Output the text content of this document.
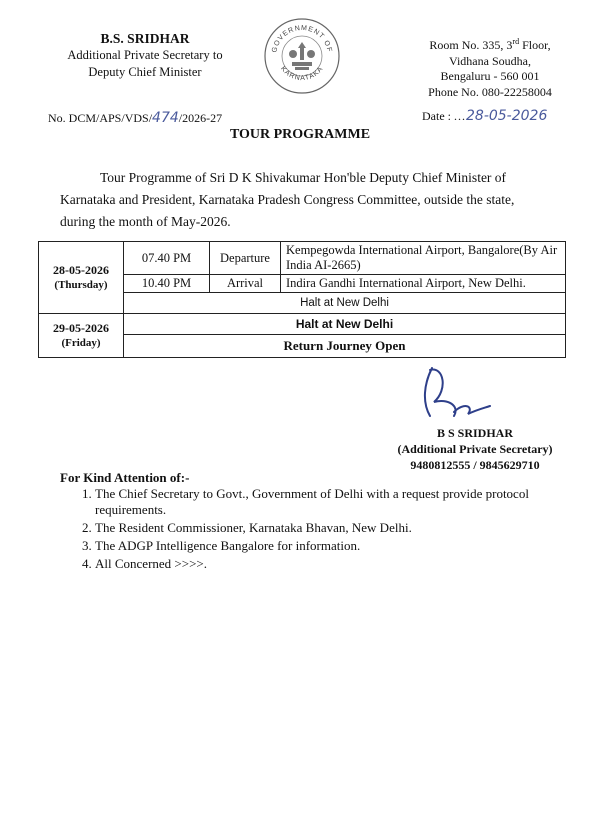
B.S. SRIDHAR
Additional Private Secretary to
Deputy Chief Minister
GOVERNMENT OF
KARNATAKA
Room No. 335, 3rd Floor,
Vidhana Soudha,
Bengaluru - 560 001
Phone No. 080-22258004
No. DCM/APS/VDS/474/2026-27	Date : ...28-05-2026
TOUR PROGRAMME
Tour Programme of Sri D K Shivakumar Hon'ble Deputy Chief Minister of Karnataka and President, Karnataka Pradesh Congress Committee, outside the state, during the month of May-2026.
28-05-2026
(Thursday)	07.40 PM	Departure	Kempegowda International Airport, Bangalore(By Air India AI-2665)
	10.40 PM	Arrival	Indira Gandhi International Airport, New Delhi.
	Halt at New Delhi		

29-05-2026
(Friday)	Halt at New Delhi		
	Return Journey Open		
B S SRIDHAR
(Additional Private Secretary)
9480812555 / 9845629710
For Kind Attention of:-
1. The Chief Secretary to Govt., Government of Delhi with a request provide protocol requirements.
2. The Resident Commissioner, Karnataka Bhavan, New Delhi.
3. The ADGP Intelligence Bangalore for information.
4. All Concerned >>>>.
